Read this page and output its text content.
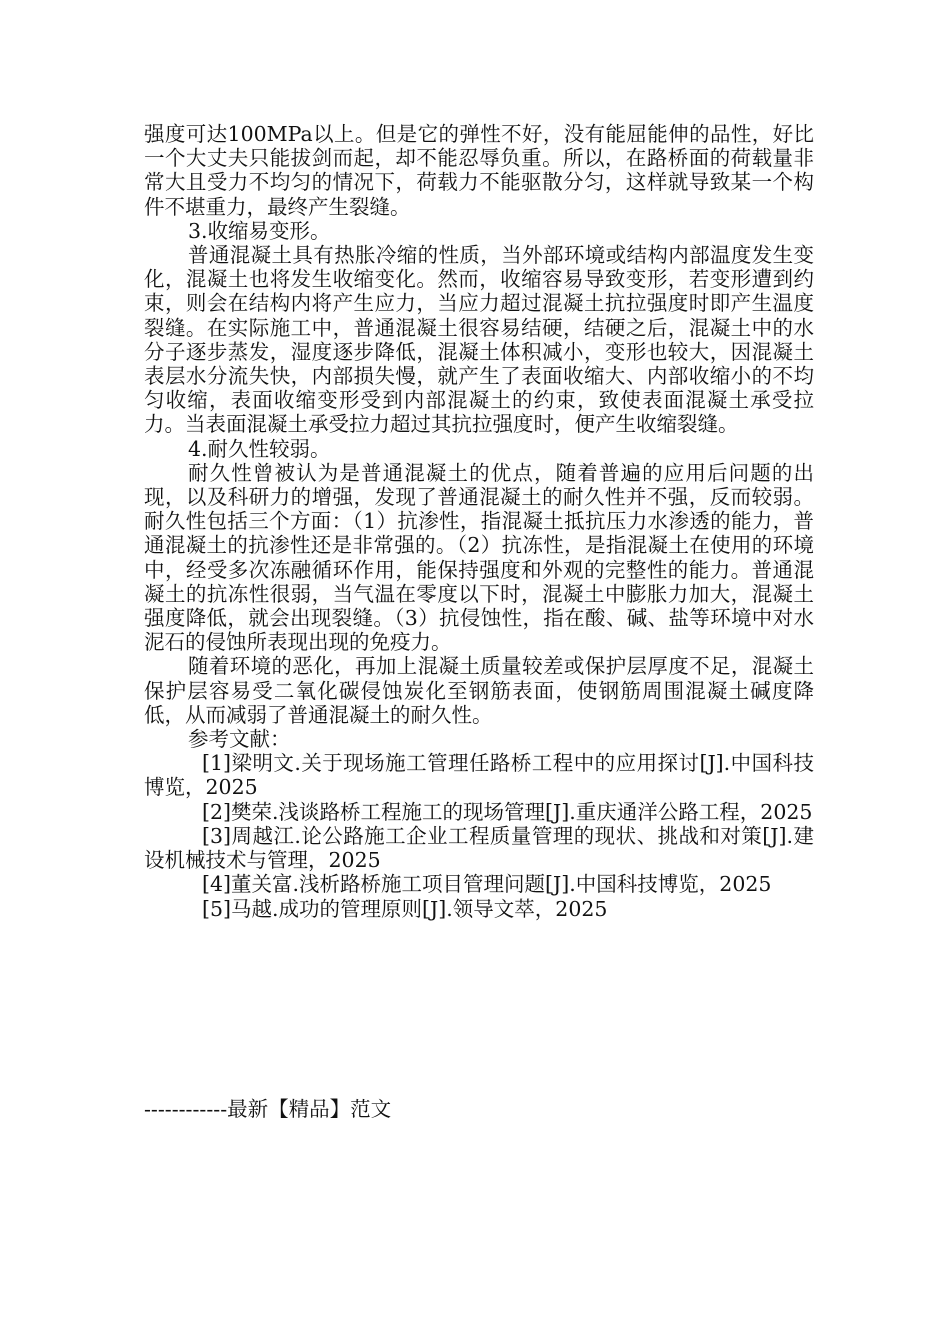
强度可达100MPa以上。但是它的弹性不好，没有能屈能伸的品性，好比一个大丈夫只能拔剑而起，却不能忍辱负重。所以，在路桥面的荷载量非常大且受力不均匀的情况下，荷载力不能驱散分匀，这样就导致某一个构件不堪重力，最终产生裂缝。

3.收缩易变形。

普通混凝土具有热胀冷缩的性质，当外部环境或结构内部温度发生变化，混凝土也将发生收缩变化。然而，收缩容易导致变形，若变形遭到约束，则会在结构内将产生应力，当应力超过混凝土抗拉强度时即产生温度裂缝。在实际施工中，普通混凝土很容易结硬，结硬之后，混凝土中的水分子逐步蒸发，湿度逐步降低，混凝土体积减小，变形也较大，因混凝土表层水分流失快，内部损失慢，就产生了表面收缩大、内部收缩小的不均匀收缩，表面收缩变形受到内部混凝土的约束，致使表面混凝土承受拉力。当表面混凝土承受拉力超过其抗拉强度时，便产生收缩裂缝。

4.耐久性较弱。

耐久性曾被认为是普通混凝土的优点，随着普遍的应用后问题的出现，以及科研力的增强，发现了普通混凝土的耐久性并不强，反而较弱。耐久性包括三个方面：（1）抗渗性，指混凝土抵抗压力水渗透的能力，普通混凝土的抗渗性还是非常强的。（2）抗冻性，是指混凝土在使用的环境中，经受多次冻融循环作用，能保持强度和外观的完整性的能力。普通混凝土的抗冻性很弱，当气温在零度以下时，混凝土中膨胀力加大，混凝土强度降低，就会出现裂缝。（3）抗侵蚀性，指在酸、碱、盐等环境中对水泥石的侵蚀所表现出现的免疫力。

随着环境的恶化，再加上混凝土质量较差或保护层厚度不足，混凝土保护层容易受二氧化碳侵蚀炭化至钢筋表面，使钢筋周围混凝土碱度降低，从而减弱了普通混凝土的耐久性。

参考文献：

[1]梁明文.关于现场施工管理任路桥工程中的应用探讨[J].中国科技博览，2025

[2]樊荣.浅谈路桥工程施工的现场管理[J].重庆通洋公路工程，2025

[3]周越江.论公路施工企业工程质量管理的现状、挑战和对策[J].建设机械技术与管理，2025

[4]董关富.浅析路桥施工项目管理问题[J].中国科技博览，2025

[5]马越.成功的管理原则[J].领导文萃，2025

------------最新【精品】范文
